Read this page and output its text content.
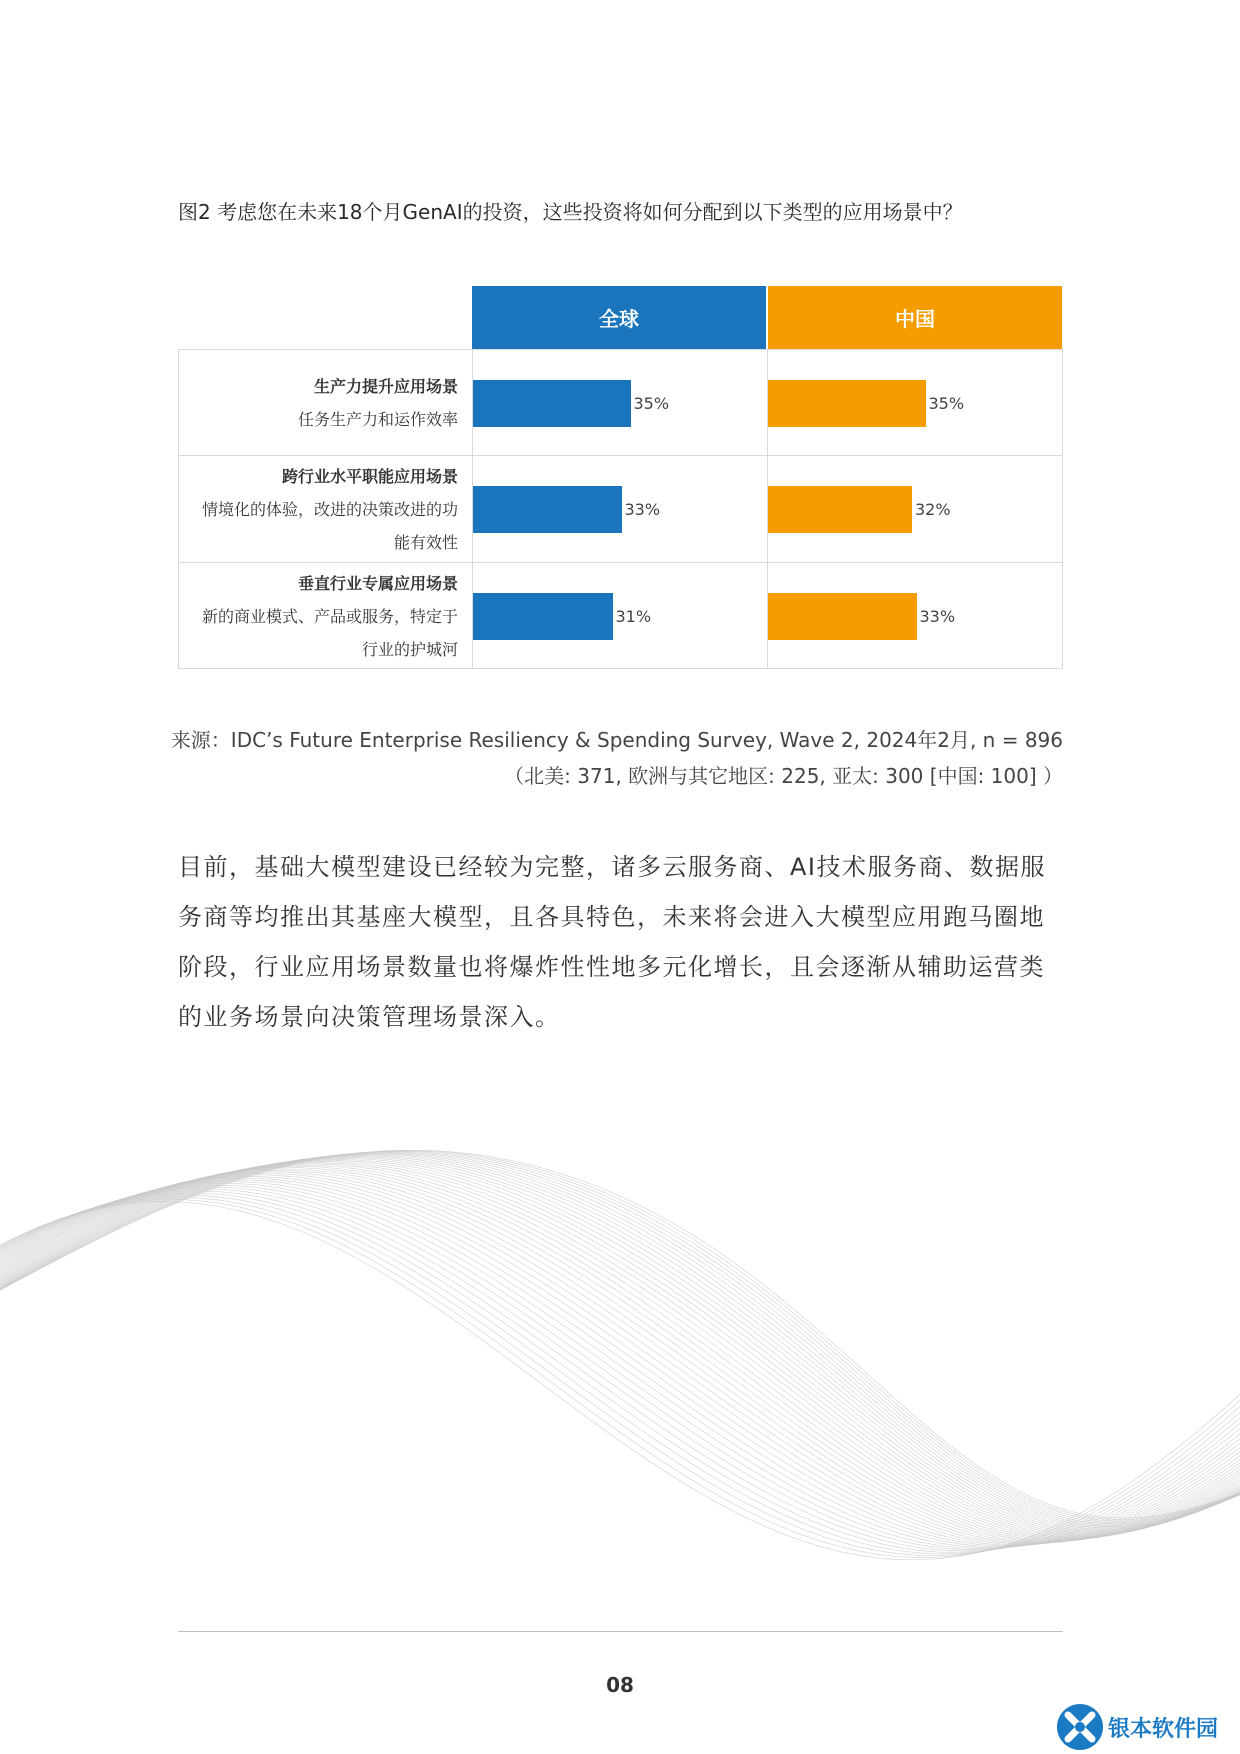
图2 考虑您在未来18个月GenAI的投资，这些投资将如何分配到以下类型的应用场景中？
全球	中国
生产力提升应用场景
任务生产力和运作效率
跨行业水平职能应用场景
情境化的体验，改进的决策改进的功
能有效性
垂直行业专属应用场景
新的商业模式、产品或服务，特定于
行业的护城河
35%
33%
31%
35%
32%
33%
来源：IDC’s Future Enterprise Resiliency & Spending Survey, Wave 2, 2024年2月, n = 896
（北美: 371, 欧洲与其它地区: 225, 亚太: 300 [中国: 100] ）
目前，基础大模型建设已经较为完整，诸多云服务商、AI技术服务商、数据服务商等均推出其基座大模型，且各具特色，未来将会进入大模型应用跑马圈地阶段，行业应用场景数量也将爆炸性性地多元化增长，且会逐渐从辅助运营类的业务场景向决策管理场景深入。
08
银本软件园
